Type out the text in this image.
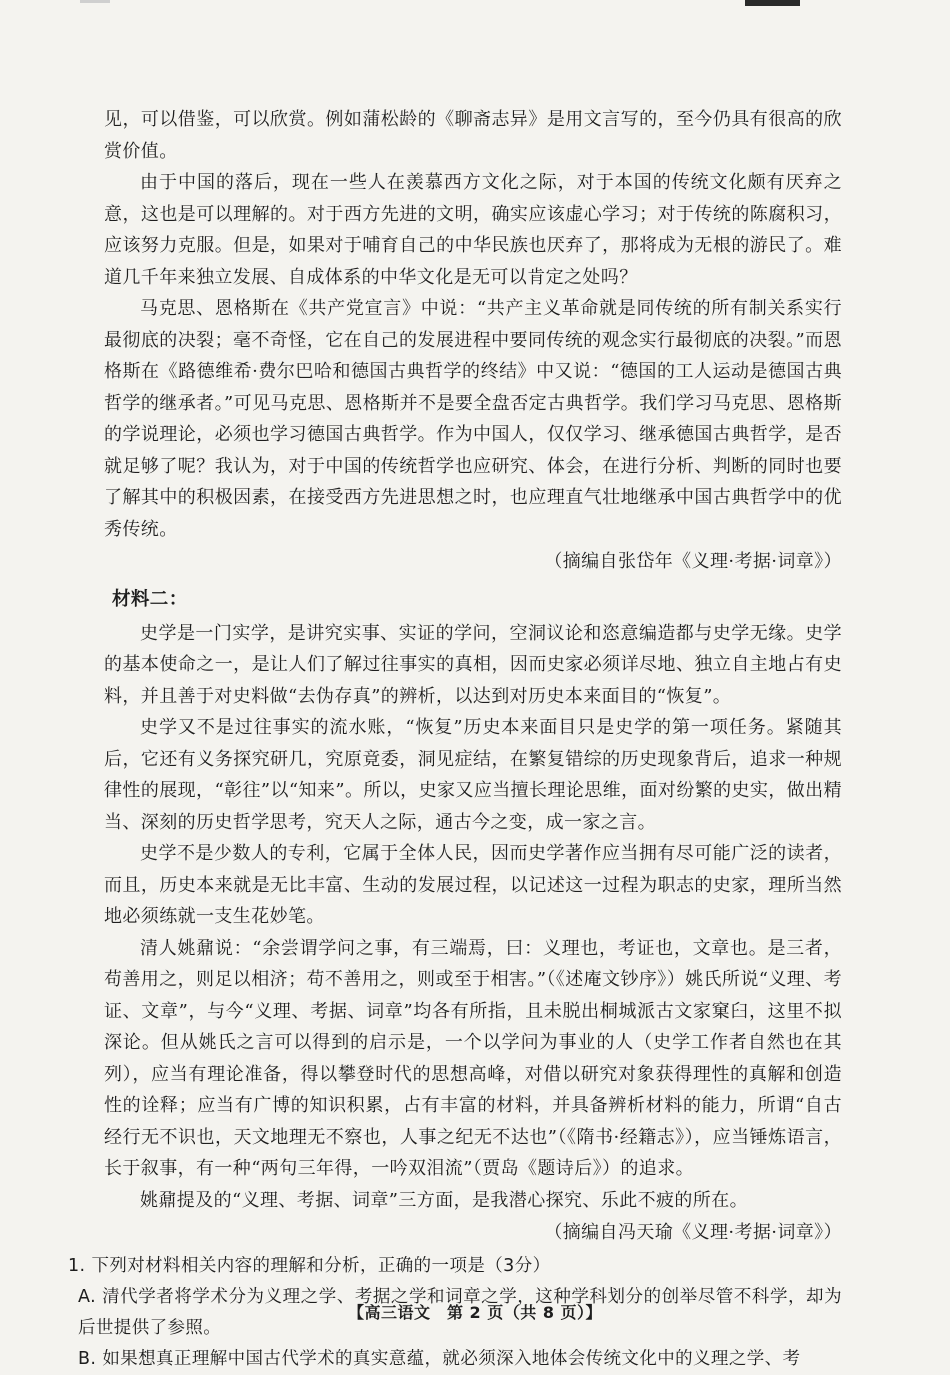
见，可以借鉴，可以欣赏。例如蒲松龄的《聊斋志异》是用文言写的，至今仍具有很高的欣赏价值。

由于中国的落后，现在一些人在羡慕西方文化之际，对于本国的传统文化颇有厌弃之意，这也是可以理解的。对于西方先进的文明，确实应该虚心学习；对于传统的陈腐积习，应该努力克服。但是，如果对于哺育自己的中华民族也厌弃了，那将成为无根的游民了。难道几千年来独立发展、自成体系的中华文化是无可以肯定之处吗？

马克思、恩格斯在《共产党宣言》中说：“共产主义革命就是同传统的所有制关系实行最彻底的决裂；毫不奇怪，它在自己的发展进程中要同传统的观念实行最彻底的决裂。”而恩格斯在《路德维希·费尔巴哈和德国古典哲学的终结》中又说：“德国的工人运动是德国古典哲学的继承者。”可见马克思、恩格斯并不是要全盘否定古典哲学。我们学习马克思、恩格斯的学说理论，必须也学习德国古典哲学。作为中国人，仅仅学习、继承德国古典哲学，是否就足够了呢？我认为，对于中国的传统哲学也应研究、体会，在进行分析、判断的同时也要了解其中的积极因素，在接受西方先进思想之时，也应理直气壮地继承中国古典哲学中的优秀传统。

（摘编自张岱年《义理·考据·词章》）

材料二：

史学是一门实学，是讲究实事、实证的学问，空洞议论和恣意编造都与史学无缘。史学的基本使命之一，是让人们了解过往事实的真相，因而史家必须详尽地、独立自主地占有史料，并且善于对史料做“去伪存真”的辨析，以达到对历史本来面目的“恢复”。

史学又不是过往事实的流水账，“恢复”历史本来面目只是史学的第一项任务。紧随其后，它还有义务探究研几，究原竟委，洞见症结，在繁复错综的历史现象背后，追求一种规律性的展现，“彰往”以“知来”。所以，史家又应当擅长理论思维，面对纷繁的史实，做出精当、深刻的历史哲学思考，究天人之际，通古今之变，成一家之言。

史学不是少数人的专利，它属于全体人民，因而史学著作应当拥有尽可能广泛的读者，而且，历史本来就是无比丰富、生动的发展过程，以记述这一过程为职志的史家，理所当然地必须练就一支生花妙笔。

清人姚鼐说：“余尝谓学问之事，有三端焉，曰：义理也，考证也，文章也。是三者，苟善用之，则足以相济；苟不善用之，则或至于相害。”（《述庵文钞序》）姚氏所说“义理、考证、文章”，与今“义理、考据、词章”均各有所指，且未脱出桐城派古文家窠臼，这里不拟深论。但从姚氏之言可以得到的启示是，一个以学问为事业的人（史学工作者自然也在其列），应当有理论准备，得以攀登时代的思想高峰，对借以研究对象获得理性的真解和创造性的诠释；应当有广博的知识积累，占有丰富的材料，并具备辨析材料的能力，所谓“自古经行无不识也，天文地理无不察也，人事之纪无不达也”（《隋书·经籍志》），应当锤炼语言，长于叙事，有一种“两句三年得，一吟双泪流”（贾岛《题诗后》）的追求。

姚鼐提及的“义理、考据、词章”三方面，是我潜心探究、乐此不疲的所在。

（摘编自冯天瑜《义理·考据·词章》）

1. 下列对材料相关内容的理解和分析，正确的一项是（3分）

A. 清代学者将学术分为义理之学、考据之学和词章之学，这种学科划分的创举尽管不科学，却为后世提供了参照。

B. 如果想真正理解中国古代学术的真实意蕴，就必须深入地体会传统文化中的义理之学、考

【高三语文　第 2 页（共 8 页）】
